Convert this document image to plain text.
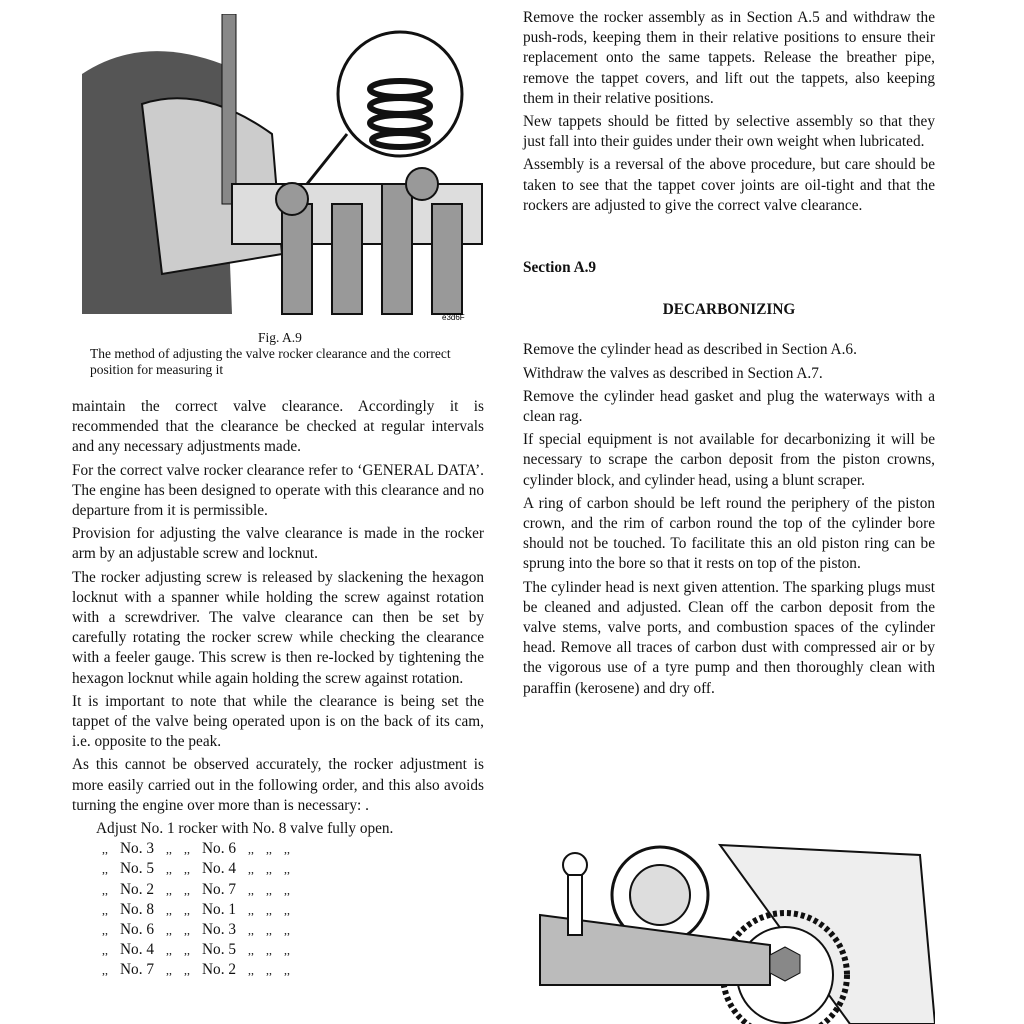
e3d6F
Fig. A.9
The method of adjusting the valve rocker clearance and the correct position for measuring it

maintain the correct valve clearance. Accordingly it is recommended that the clearance be checked at regular intervals and any necessary adjustments made.

For the correct valve rocker clearance refer to ‘GENERAL DATA’. The engine has been designed to operate with this clearance and no departure from it is permissible.

Provision for adjusting the valve clearance is made in the rocker arm by an adjustable screw and locknut.

The rocker adjusting screw is released by slackening the hexagon locknut with a spanner while holding the screw against rotation with a screwdriver. The valve clearance can then be set by carefully rotating the rocker screw while checking the clearance with a feeler gauge. This screw is then re-locked by tightening the hexagon locknut while again holding the screw against rotation.

It is important to note that while the clearance is being set the tappet of the valve being operated upon is on the back of its cam, i.e. opposite to the peak.

As this cannot be observed accurately, the rocker adjustment is more easily carried out in the following order, and this also avoids turning the engine over more than is necessary: .

Adjust No. 1 rocker with No. 8 valve fully open.
,,	No. 3	,,	,,	No. 6	,,	,,	,,
,,	No. 5	,,	,,	No. 4	,,	,,	,,
,,	No. 2	,,	,,	No. 7	,,	,,	,,
,,	No. 8	,,	,,	No. 1	,,	,,	,,
,,	No. 6	,,	,,	No. 3	,,	,,	,,
,,	No. 4	,,	,,	No. 5	,,	,,	,,
,,	No. 7	,,	,,	No. 2	,,	,,	,,

Remove the rocker assembly as in Section A.5 and withdraw the push-rods, keeping them in their relative positions to ensure their replacement onto the same tappets. Release the breather pipe, remove the tappet covers, and lift out the tappets, also keeping them in their relative positions.

New tappets should be fitted by selective assembly so that they just fall into their guides under their own weight when lubricated.

Assembly is a reversal of the above procedure, but care should be taken to see that the tappet cover joints are oil-tight and that the rockers are adjusted to give the correct valve clearance.

Section A.9

DECARBONIZING

Remove the cylinder head as described in Section A.6.

Withdraw the valves as described in Section A.7.

Remove the cylinder head gasket and plug the waterways with a clean rag.

If special equipment is not available for decarbonizing it will be necessary to scrape the carbon deposit from the piston crowns, cylinder block, and cylinder head, using a blunt scraper.

A ring of carbon should be left round the periphery of the piston crown, and the rim of carbon round the top of the cylinder bore should not be touched. To facilitate this an old piston ring can be sprung into the bore so that it rests on top of the piston.

The cylinder head is next given attention. The sparking plugs must be cleaned and adjusted. Clean off the carbon deposit from the valve stems, valve ports, and combustion spaces of the cylinder head. Remove all traces of carbon dust with compressed air or by the vigorous use of a tyre pump and then thoroughly clean with paraffin (kerosene) and dry off.
